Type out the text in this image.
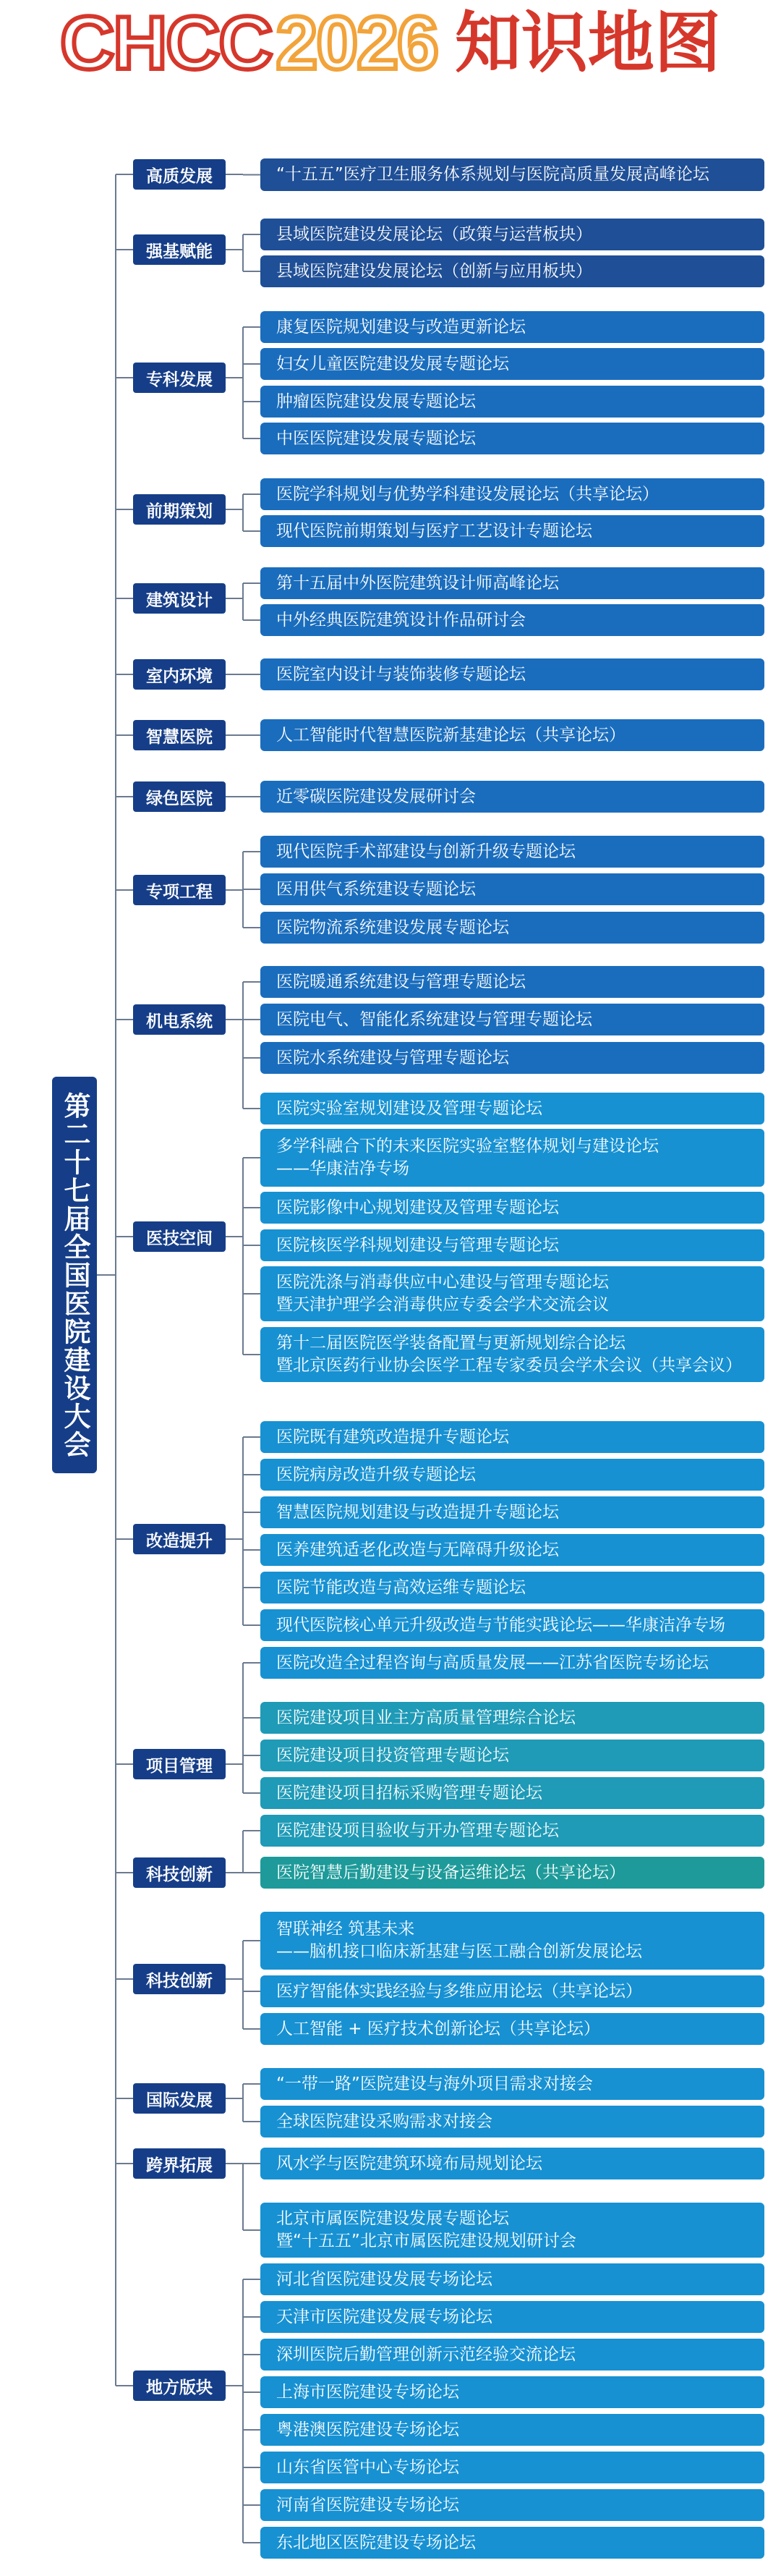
CHCC2026 知识地图
第二十七届全国医院建设大会
高质发展
强基赋能
专科发展
前期策划
建筑设计
室内环境
智慧医院
绿色医院
专项工程
机电系统
医技空间
改造提升
项目管理
科技创新
科技创新
国际发展
跨界拓展
地方版块
“十五五”医疗卫生服务体系规划与医院高质量发展高峰论坛
县域医院建设发展论坛（政策与运营板块）
县域医院建设发展论坛（创新与应用板块）
康复医院规划建设与改造更新论坛
妇女儿童医院建设发展专题论坛
肿瘤医院建设发展专题论坛
中医医院建设发展专题论坛
医院学科规划与优势学科建设发展论坛（共享论坛）
现代医院前期策划与医疗工艺设计专题论坛
第十五届中外医院建筑设计师高峰论坛
中外经典医院建筑设计作品研讨会
医院室内设计与装饰装修专题论坛
人工智能时代智慧医院新基建论坛（共享论坛）
近零碳医院建设发展研讨会
现代医院手术部建设与创新升级专题论坛
医用供气系统建设专题论坛
医院物流系统建设发展专题论坛
医院暖通系统建设与管理专题论坛
医院电气、智能化系统建设与管理专题论坛
医院水系统建设与管理专题论坛
医院实验室规划建设及管理专题论坛
多学科融合下的未来医院实验室整体规划与建设论坛
——华康洁净专场
医院影像中心规划建设及管理专题论坛
医院核医学科规划建设与管理专题论坛
医院洗涤与消毒供应中心建设与管理专题论坛
暨天津护理学会消毒供应专委会学术交流会议
第十二届医院医学装备配置与更新规划综合论坛
暨北京医药行业协会医学工程专家委员会学术会议（共享会议）
医院既有建筑改造提升专题论坛
医院病房改造升级专题论坛
智慧医院规划建设与改造提升专题论坛
医养建筑适老化改造与无障碍升级论坛
医院节能改造与高效运维专题论坛
现代医院核心单元升级改造与节能实践论坛——华康洁净专场
医院改造全过程咨询与高质量发展——江苏省医院专场论坛
医院建设项目业主方高质量管理综合论坛
医院建设项目投资管理专题论坛
医院建设项目招标采购管理专题论坛
医院建设项目验收与开办管理专题论坛
医院智慧后勤建设与设备运维论坛（共享论坛）
智联神经 筑基未来
——脑机接口临床新基建与医工融合创新发展论坛
医疗智能体实践经验与多维应用论坛（共享论坛）
人工智能 + 医疗技术创新论坛（共享论坛）
“一带一路”医院建设与海外项目需求对接会
全球医院建设采购需求对接会
风水学与医院建筑环境布局规划论坛
北京市属医院建设发展专题论坛
暨“十五五”北京市属医院建设规划研讨会
河北省医院建设发展专场论坛
天津市医院建设发展专场论坛
深圳医院后勤管理创新示范经验交流论坛
上海市医院建设专场论坛
粤港澳医院建设专场论坛
山东省医管中心专场论坛
河南省医院建设专场论坛
东北地区医院建设专场论坛
